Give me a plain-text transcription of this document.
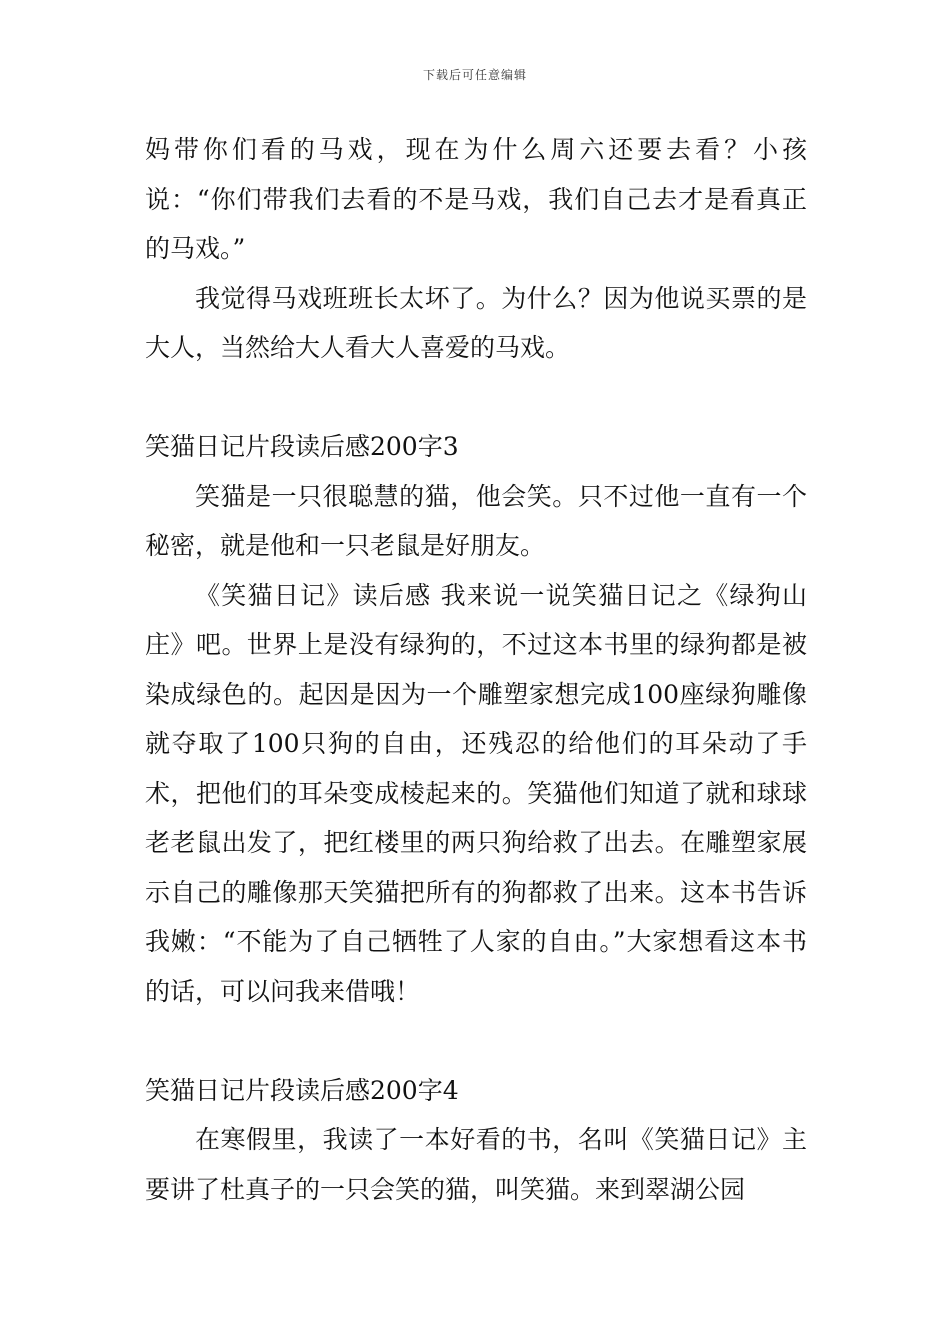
下载后可任意编辑

妈带你们看的马戏，现在为什么周六还要去看？小孩说：“你们带我们去看的不是马戏，我们自己去才是看真正的马戏。”

我觉得马戏班班长太坏了。为什么？因为他说买票的是大人，当然给大人看大人喜爱的马戏。

笑猫日记片段读后感200字3

笑猫是一只很聪慧的猫，他会笑。只不过他一直有一个秘密，就是他和一只老鼠是好朋友。

《笑猫日记》读后感 我来说一说笑猫日记之《绿狗山庄》吧。世界上是没有绿狗的，不过这本书里的绿狗都是被染成绿色的。起因是因为一个雕塑家想完成100座绿狗雕像就夺取了100只狗的自由，还残忍的给他们的耳朵动了手术，把他们的耳朵变成棱起来的。笑猫他们知道了就和球球老老鼠出发了，把红楼里的两只狗给救了出去。在雕塑家展示自己的雕像那天笑猫把所有的狗都救了出来。这本书告诉我嫩：“不能为了自己牺牲了人家的自由。”大家想看这本书的话，可以问我来借哦！

笑猫日记片段读后感200字4

在寒假里，我读了一本好看的书，名叫《笑猫日记》主要讲了杜真子的一只会笑的猫，叫笑猫。来到翠湖公园
